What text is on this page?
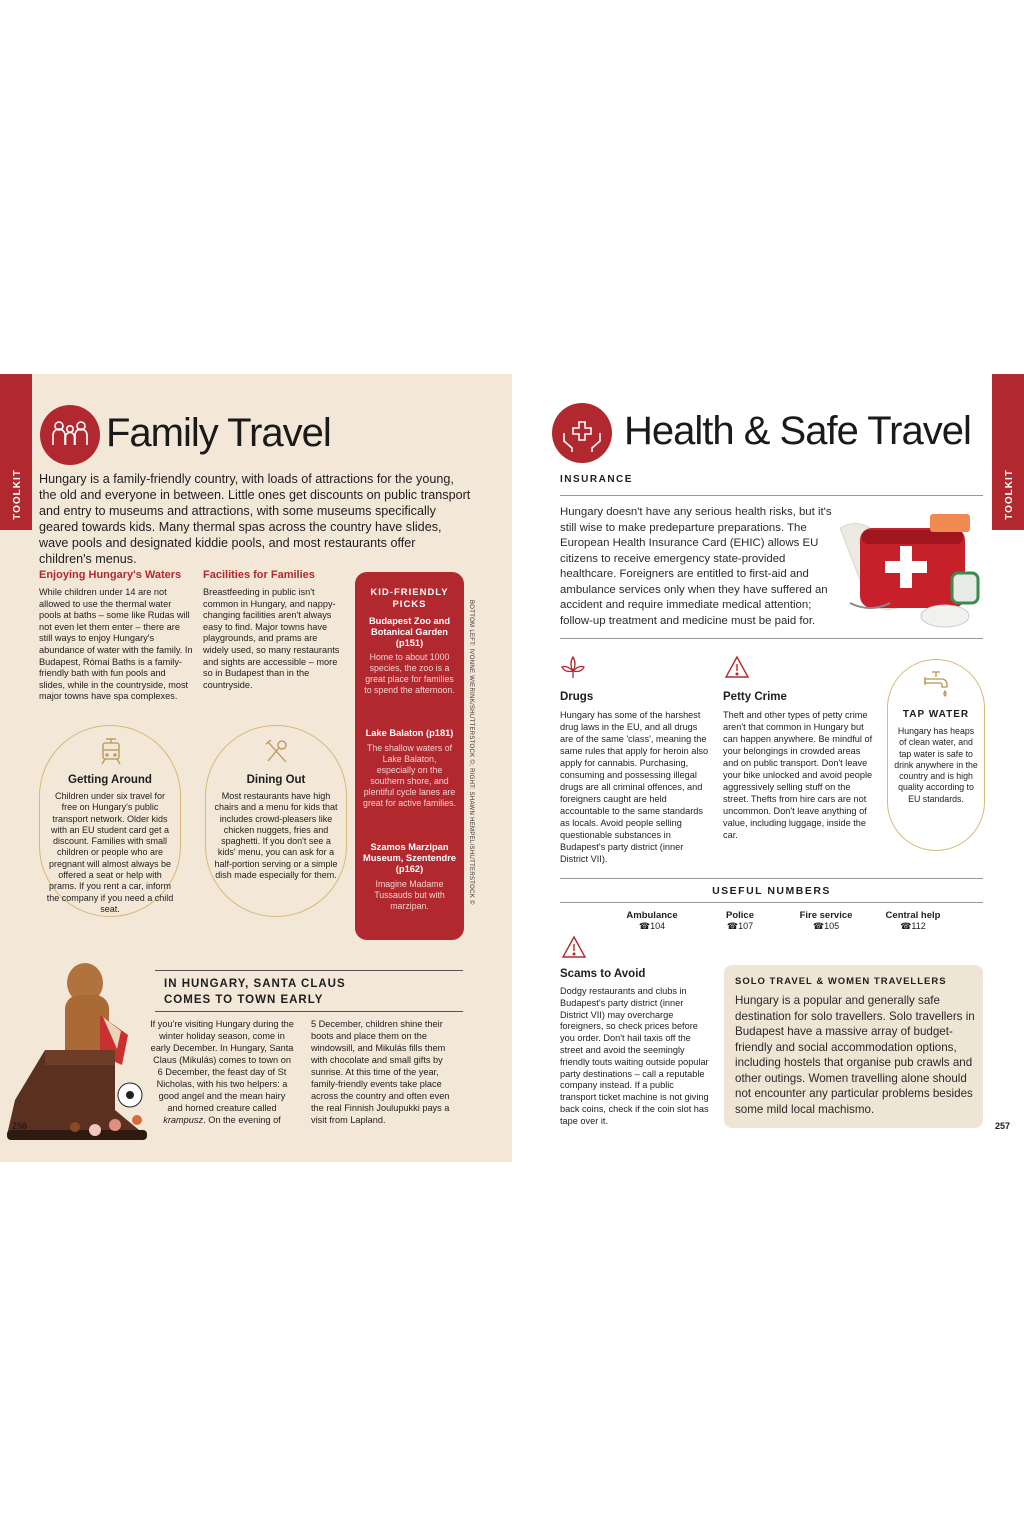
TOOLKIT
Family Travel
Hungary is a family-friendly country, with loads of attractions for the young, the old and everyone in between. Little ones get discounts on public transport and entry to museums and attractions, with some museums specifically geared towards kids. Many thermal spas across the country have slides, wave pools and designated kiddie pools, and most restaurants offer children's menus.
Enjoying Hungary's Waters
While children under 14 are not allowed to use the thermal water pools at baths – some like Rudas will not even let them enter – there are still ways to enjoy Hungary's abundance of water with the family. In Budapest, Római Baths is a family-friendly bath with fun pools and slides, while in the countryside, most major towns have spa complexes.
Facilities for Families
Breastfeeding in public isn't common in Hungary, and nappy-changing facilities aren't always easy to find. Major towns have playgrounds, and prams are widely used, so many restaurants and sights are accessible – more so in Budapest than in the countryside.
Getting Around
Children under six travel for free on Hungary's public transport network. Older kids with an EU student card get a discount. Families with small children or people who are pregnant will almost always be offered a seat or help with prams. If you rent a car, inform the company if you need a child seat.
Dining Out
Most restaurants have high chairs and a menu for kids that includes crowd-pleasers like chicken nuggets, fries and spaghetti. If you don't see a kids' menu, you can ask for a half-portion serving or a simple dish made especially for them.
KID-FRIENDLY PICKS
Budapest Zoo and Botanical Garden (p151)
Home to about 1000 species, the zoo is a great place for families to spend the afternoon.
Lake Balaton (p181)
The shallow waters of Lake Balaton, especially on the southern shore, and plentiful cycle lanes are great for active families.
Szamos Marzipan Museum, Szentendre (p162)
Imagine Madame Tussauds but with marzipan.
BOTTOM LEFT: IVONNE WIERINK/SHUTTERSTOCK ©; RIGHT: SHAWN HEMPEL/SHUTTERSTOCK ©
IN HUNGARY, SANTA CLAUS COMES TO TOWN EARLY
If you're visiting Hungary during the winter holiday season, come in early December. In Hungary, Santa Claus (Mikulás) comes to town on 6 December, the feast day of St Nicholas, with his two helpers: a good angel and the mean hairy and horned creature called krampusz. On the evening of
5 December, children shine their boots and place them on the windowsill, and Mikulás fills them with chocolate and small gifts by sunrise. At this time of the year, family-friendly events take place across the country and often even the real Finnish Joulupukki pays a visit from Lapland.
256
TOOLKIT
Health & Safe Travel
INSURANCE
Hungary doesn't have any serious health risks, but it's still wise to make predeparture preparations. The European Health Insurance Card (EHIC) allows EU citizens to receive emergency state-provided healthcare. Foreigners are entitled to first-aid and ambulance services only when they have suffered an accident and require immediate medical attention; follow-up treatment and medicine must be paid for.
Drugs
Hungary has some of the harshest drug laws in the EU, and all drugs are of the same 'class', meaning the same rules that apply for heroin also apply for cannabis. Purchasing, consuming and possessing illegal drugs are all criminal offences, and foreigners caught are held accountable to the same standards as locals. Avoid people selling questionable substances in Budapest's party district (inner District VII).
Petty Crime
Theft and other types of petty crime aren't that common in Hungary but can happen anywhere. Be mindful of your belongings in crowded areas and on public transport. Don't leave your bike unlocked and avoid people aggressively selling stuff on the street. Thefts from hire cars are not uncommon. Don't leave anything of value, including luggage, inside the car.
TAP WATER
Hungary has heaps of clean water, and tap water is safe to drink anywhere in the country and is high quality according to EU standards.
USEFUL NUMBERS
Ambulance
☎104
Police
☎107
Fire service
☎105
Central help
☎112
Scams to Avoid
Dodgy restaurants and clubs in Budapest's party district (inner District VII) may overcharge foreigners, so check prices before you order. Don't hail taxis off the street and avoid the seemingly friendly touts waiting outside popular party destinations – call a reputable company instead. If a public transport ticket machine is not giving back coins, check if the coin slot has tape over it.
SOLO TRAVEL & WOMEN TRAVELLERS
Hungary is a popular and generally safe destination for solo travellers. Solo travellers in Budapest have a massive array of budget-friendly and social accommodation options, including hostels that organise pub crawls and other outings. Women travelling alone should not encounter any particular problems besides some mild local machismo.
257
